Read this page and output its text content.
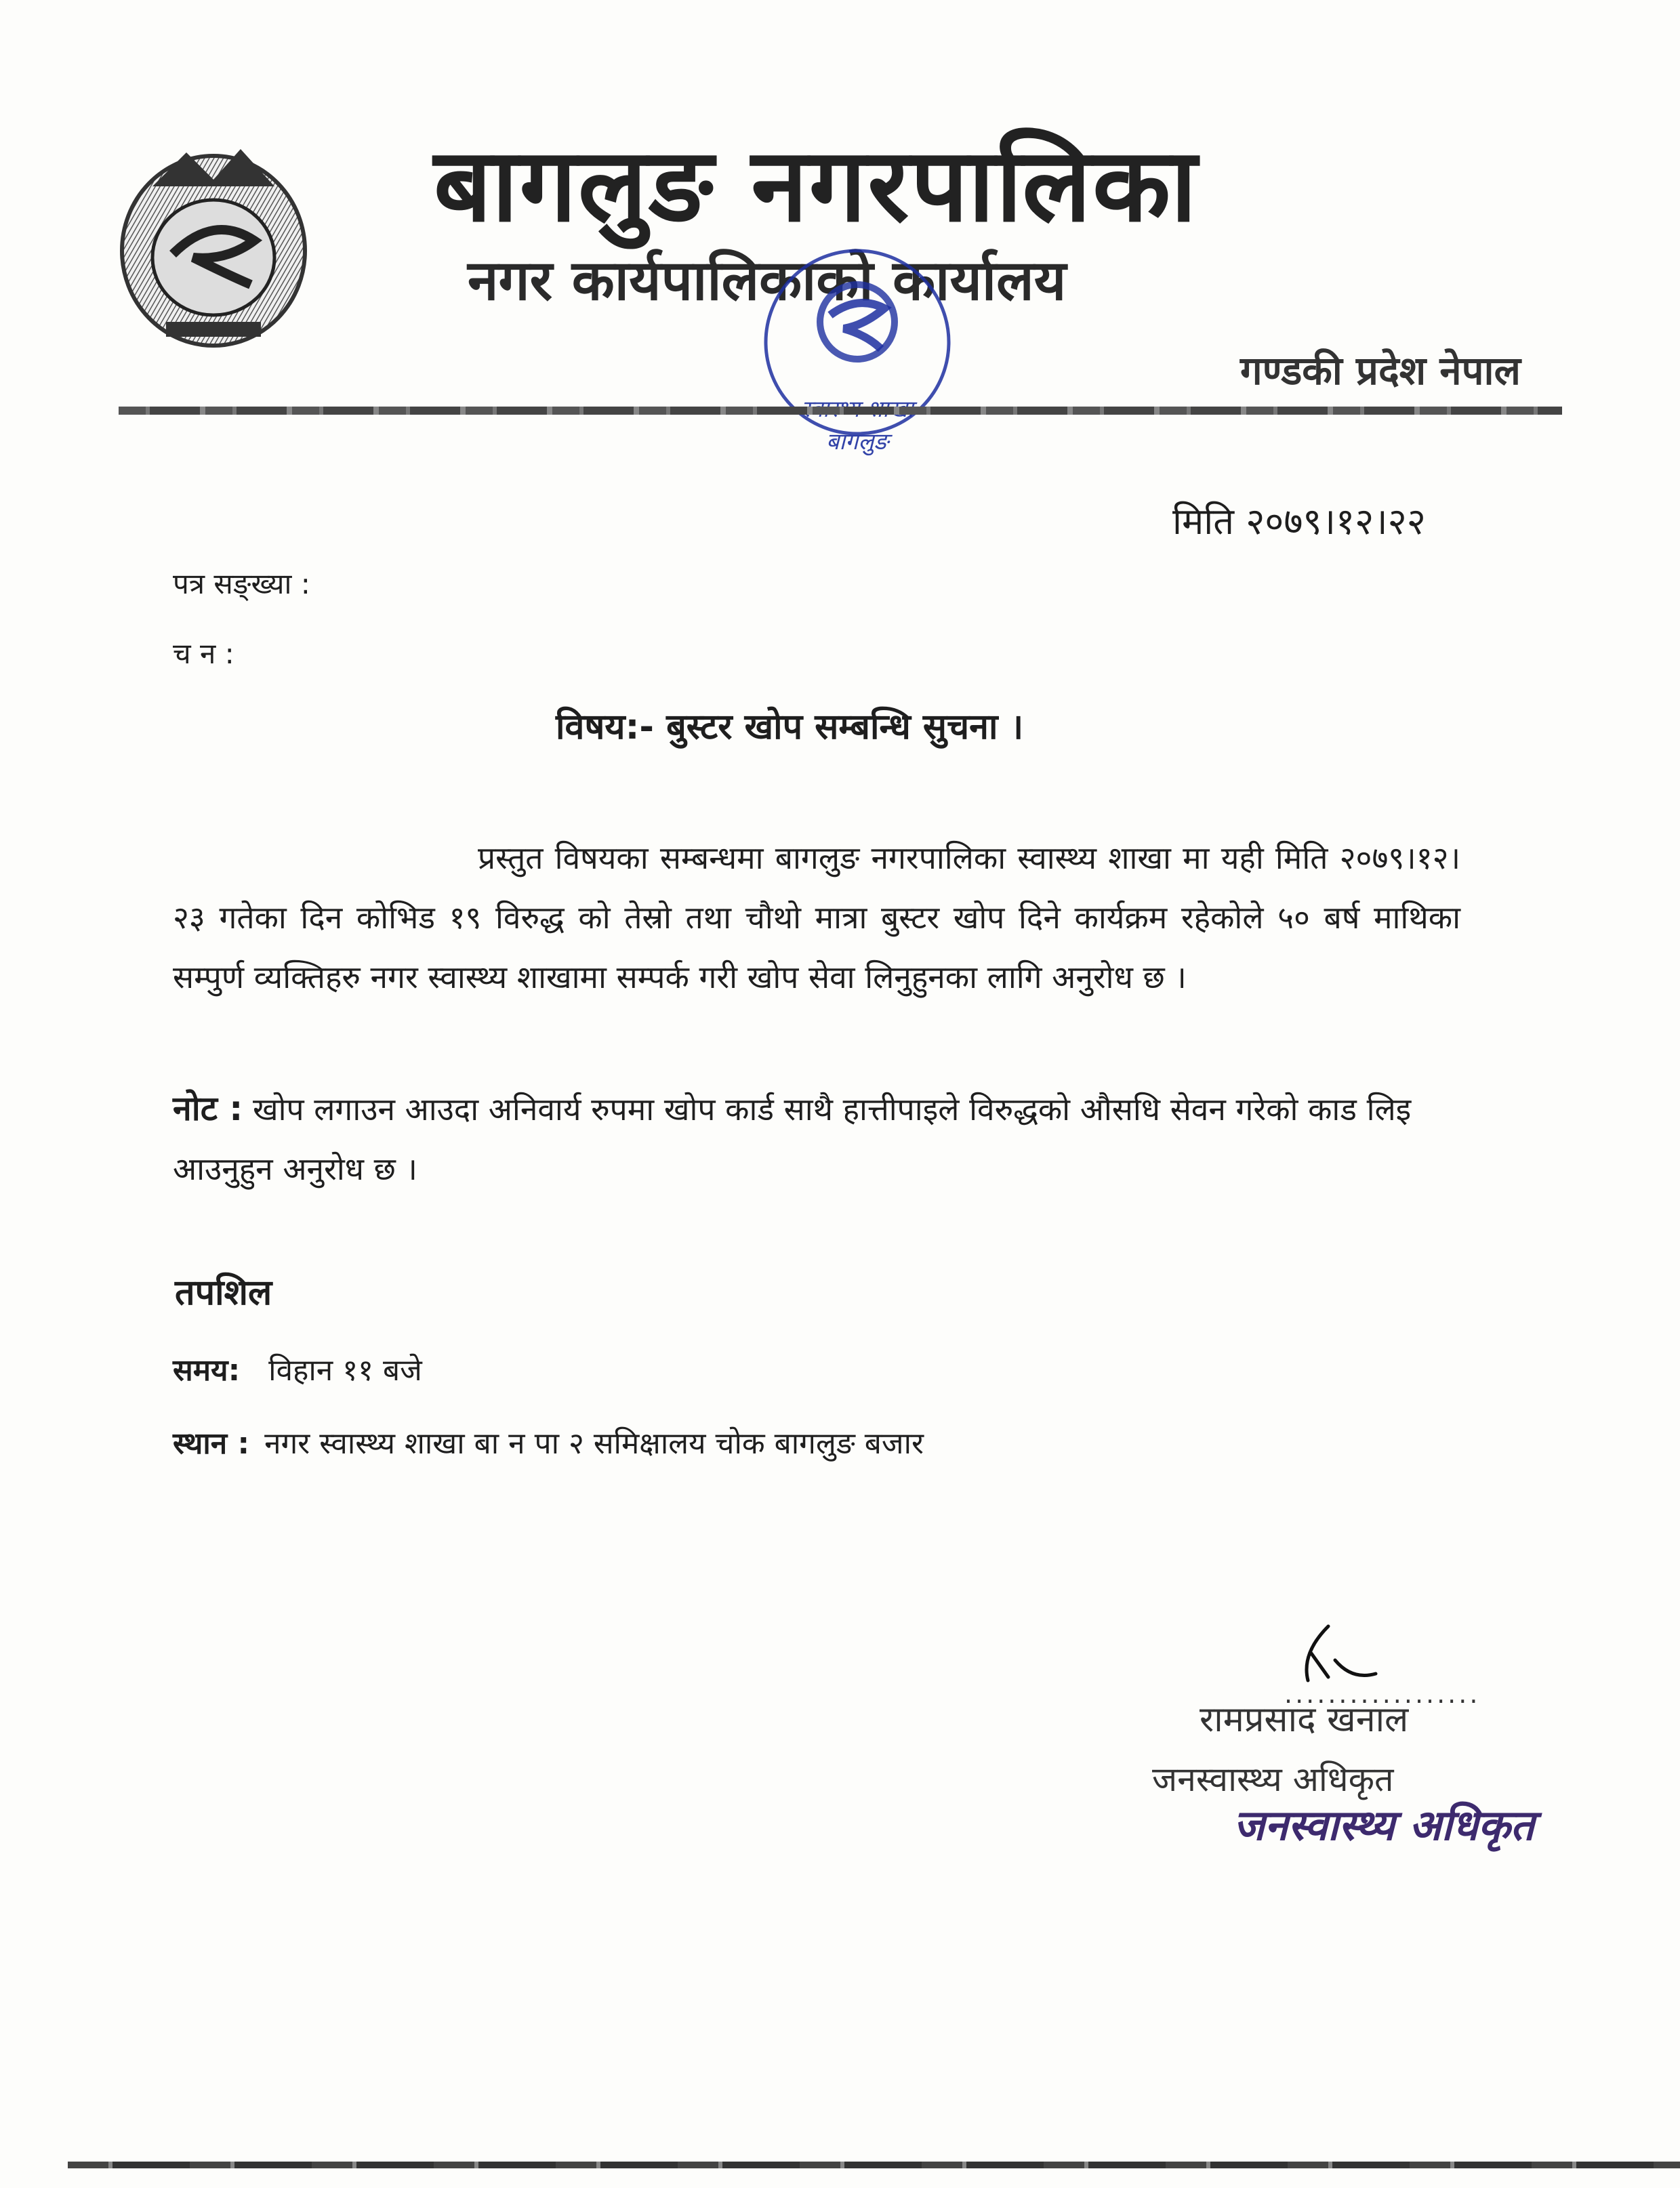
बागलुङ नगरपालिका
नगर कार्यपालिकाको कार्यालय
गण्डकी प्रदेश नेपाल
बागलुङ
मिति २०७९।१२।२२
पत्र सङ्ख्या :
च न :
विषय:- बुस्टर खोप सम्बन्धि सुचना ।
प्रस्तुत विषयका सम्बन्धमा बागलुङ नगरपालिका स्वास्थ्य शाखा मा यही मिति २०७९।१२।२३ गतेका दिन कोभिड १९ विरुद्ध को तेस्रो तथा चौथो मात्रा बुस्टर खोप दिने कार्यक्रम रहेकोले ५० बर्ष माथिका सम्पुर्ण व्यक्तिहरु नगर स्वास्थ्य शाखामा सम्पर्क गरी खोप सेवा लिनुहुनका लागि अनुरोध छ ।
नोट : खोप लगाउन आउदा अनिवार्य रुपमा खोप कार्ड साथै हात्तीपाइले विरुद्धको औसधि सेवन गरेको काड लिइ आउनुहुन अनुरोध छ ।
तपशिल
समय: विहान ११ बजे
स्थान : नगर स्वास्थ्य शाखा बा न पा २ समिक्षालय चोक बागलुङ बजार
..................
रामप्रसाद खनाल
जनस्वास्थ्य अधिकृत
जनस्वास्थ्य अधिकृत
